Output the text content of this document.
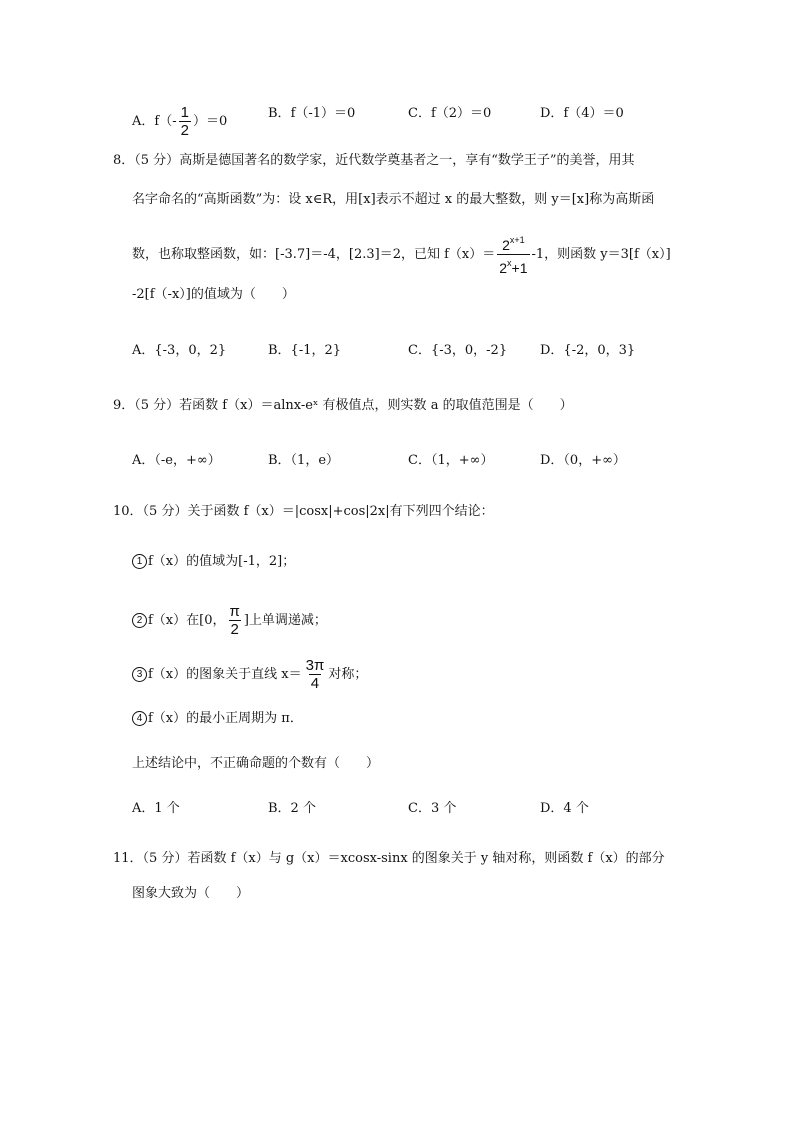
A．$f(- \frac{1}{2} )=0$
B．f（-1）＝0	C．f（2）＝0	D．f（4）＝0
8．（5 分）高斯是德国著名的数学家，近代数学奠基者之一，享有“数学王子”的美誉，用其
名字命名的“高斯函数”为：设 x∈R，用[x]表示不超过 x 的最大整数，则 y＝[x]称为高斯函
数，也称取整函数，如：[-3.7]＝-4，[2.3]＝2，已知 $f(x)= \frac{2^{x+1}}{2^x+1} -1$，则函数 y＝3[f（x）]
-2[f（-x）]的值域为（　　）
A．{-3，0，2}	B．{-1，2}	C．{-3，0，-2}	D．{-2，0，3}
9．（5 分）若函数 f（x）＝alnx-eˣ 有极值点，则实数 a 的取值范围是（　　）
A．（-e，+∞）	B．（1，e）	C．（1，+∞）	D．（0，+∞）
10．（5 分）关于函数 f（x）＝|cosx|+cos|2x|有下列四个结论：
1 f（x）的值域为[-1，2]；
2 f（x）在[0， $\frac{\pi}{2}$ ]上单调递减；
3 f（x）的图象关于直线 $x= \frac{3\pi}{4}$ 对称；
4 f（x）的最小正周期为 π．
上述结论中，不正确命题的个数有（　　）
A．1 个	B．2 个	C．3 个	D．4 个
11．（5 分）若函数 f（x）与 g（x）＝xcosx-sinx 的图象关于 y 轴对称，则函数 f（x）的部分
图象大致为（　　）
